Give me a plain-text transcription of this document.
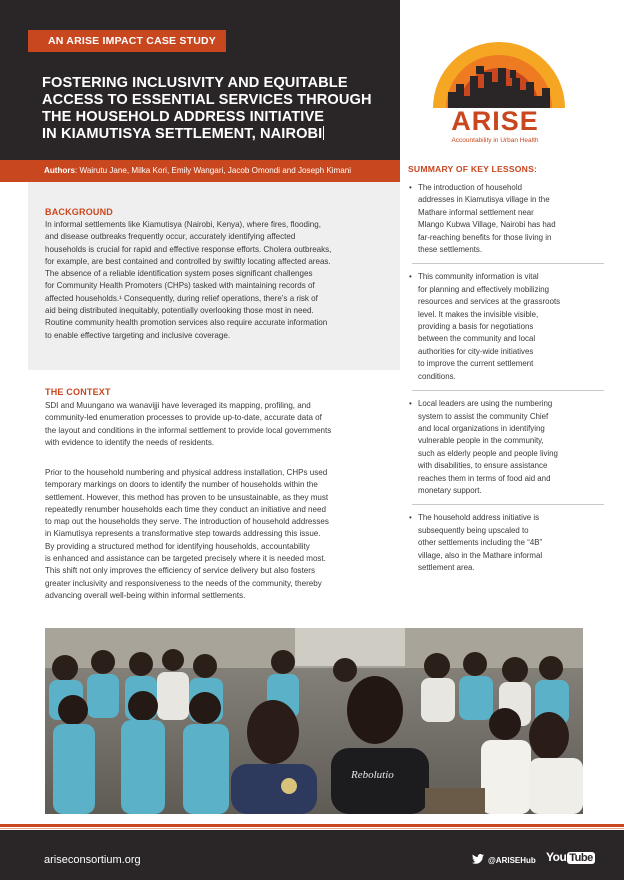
AN ARISE IMPACT CASE STUDY
FOSTERING INCLUSIVITY AND EQUITABLE
ACCESS TO ESSENTIAL SERVICES THROUGH
THE HOUSEHOLD ADDRESS INITIATIVE
IN KIAMUTISYA SETTLEMENT, NAIROBI
Authors: Wairutu Jane, Milka Kori, Emily Wangari, Jacob Omondi and Joseph Kimani
ARISE
Accountability in Urban Health
BACKGROUND
In informal settlements like Kiamutisya (Nairobi, Kenya), where fires, flooding,
and disease outbreaks frequently occur, accurately identifying affected
households is crucial for rapid and effective response efforts. Cholera outbreaks,
for example, are best contained and controlled by swiftly locating affected areas.
The absence of a reliable identification system poses significant challenges
for Community Health Promoters (CHPs) tasked with maintaining records of
affected households.¹ Consequently, during relief operations, there’s a risk of
aid being distributed inequitably, potentially overlooking those most in need.
Routine community health promotion services also require accurate information
to enable effective targeting and inclusive coverage.
THE CONTEXT
SDI and Muungano wa wanavijji have leveraged its mapping, profiling, and
community-led enumeration processes to provide up-to-date, accurate data of
the layout and conditions in the informal settlement to provide local governments
with evidence to identify the needs of residents.
Prior to the household numbering and physical address installation, CHPs used
temporary markings on doors to identify the number of households within the
settlement. However, this method has proven to be unsustainable, as they must
repeatedly renumber households each time they conduct an initiative and need
to map out the households they serve. The introduction of household addresses
in Kiamutisya represents a transformative step towards addressing this issue.
By providing a structured method for identifying households, accountability
is enhanced and assistance can be targeted precisely where it is needed most.
This shift not only improves the efficiency of service delivery but also fosters
greater inclusivity and responsiveness to the needs of the community, thereby
advancing overall well-being within informal settlements.
SUMMARY OF KEY LESSONS:
• The introduction of household
addresses in Kiamutisya village in the
Mathare informal settlement near
Mlango Kubwa Village, Nairobi has had
far-reaching benefits for those living in
these settlements.
• This community information is vital
for planning and effectively mobilizing
resources and services at the grassroots
level. It makes the invisible visible,
providing a basis for negotiations
between the community and local
authorities for city-wide initiatives
to improve the current settlement
conditions.
• Local leaders are using the numbering
system to assist the community Chief
and local organizations in identifying
vulnerable people in the community,
such as elderly people and people living
with disabilities, to ensure assistance
reaches them in terms of food aid and
monetary support.
• The household address initiative is
subsequently being upscaled to
other settlements including the “4B”
village, also in the Mathare informal
settlement area.
Rebolutio
ariseconsortium.org	@ARISEHub You Tube
